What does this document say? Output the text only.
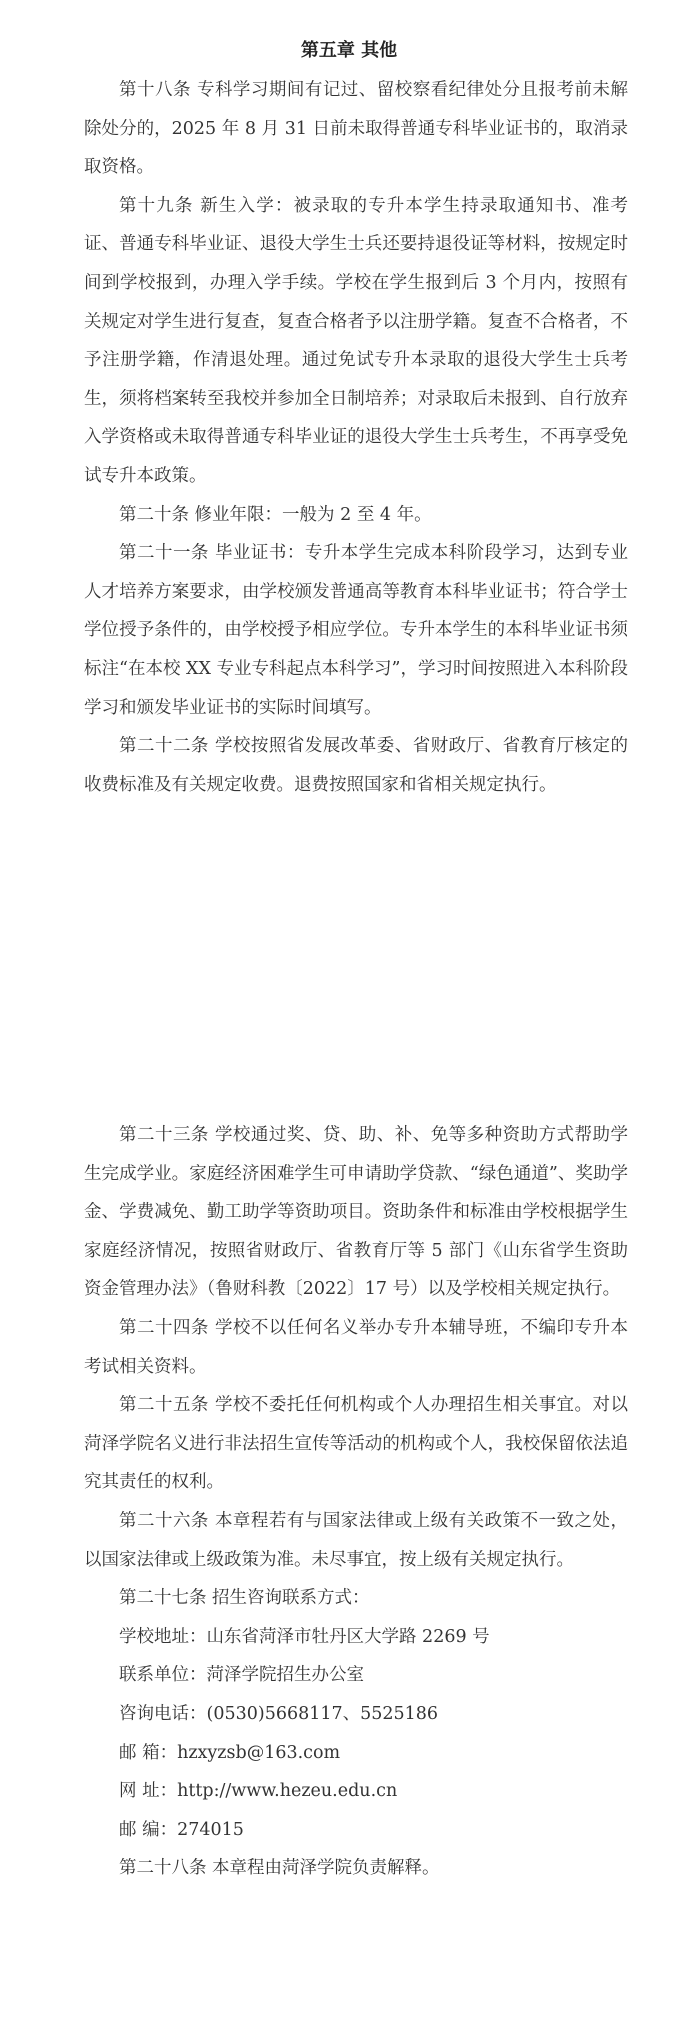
第五章 其他

第十八条 专科学习期间有记过、留校察看纪律处分且报考前未解除处分的，2025 年 8 月 31 日前未取得普通专科毕业证书的，取消录取资格。

第十九条 新生入学：被录取的专升本学生持录取通知书、准考证、普通专科毕业证、退役大学生士兵还要持退役证等材料，按规定时间到学校报到，办理入学手续。学校在学生报到后 3 个月内，按照有关规定对学生进行复查，复查合格者予以注册学籍。复查不合格者，不予注册学籍，作清退处理。通过免试专升本录取的退役大学生士兵考生，须将档案转至我校并参加全日制培养；对录取后未报到、自行放弃入学资格或未取得普通专科毕业证的退役大学生士兵考生，不再享受免试专升本政策。

第二十条 修业年限：一般为 2 至 4 年。

第二十一条 毕业证书：专升本学生完成本科阶段学习，达到专业人才培养方案要求，由学校颁发普通高等教育本科毕业证书；符合学士学位授予条件的，由学校授予相应学位。专升本学生的本科毕业证书须标注“在本校 XX 专业专科起点本科学习”，学习时间按照进入本科阶段学习和颁发毕业证书的实际时间填写。

第二十二条 学校按照省发展改革委、省财政厅、省教育厅核定的收费标准及有关规定收费。退费按照国家和省相关规定执行。

第二十三条 学校通过奖、贷、助、补、免等多种资助方式帮助学生完成学业。家庭经济困难学生可申请助学贷款、“绿色通道”、奖助学金、学费减免、勤工助学等资助项目。资助条件和标准由学校根据学生家庭经济情况，按照省财政厅、省教育厅等 5 部门《山东省学生资助资金管理办法》（鲁财科教〔2022〕17 号）以及学校相关规定执行。

第二十四条 学校不以任何名义举办专升本辅导班，不编印专升本考试相关资料。

第二十五条 学校不委托任何机构或个人办理招生相关事宜。对以菏泽学院名义进行非法招生宣传等活动的机构或个人，我校保留依法追究其责任的权利。

第二十六条 本章程若有与国家法律或上级有关政策不一致之处，以国家法律或上级政策为准。未尽事宜，按上级有关规定执行。

第二十七条 招生咨询联系方式：

学校地址：山东省菏泽市牡丹区大学路 2269 号

联系单位：菏泽学院招生办公室

咨询电话：(0530)5668117、5525186

邮 箱：hzxyzsb@163.com

网 址：http://www.hezeu.edu.cn

邮 编：274015

第二十八条 本章程由菏泽学院负责解释。
